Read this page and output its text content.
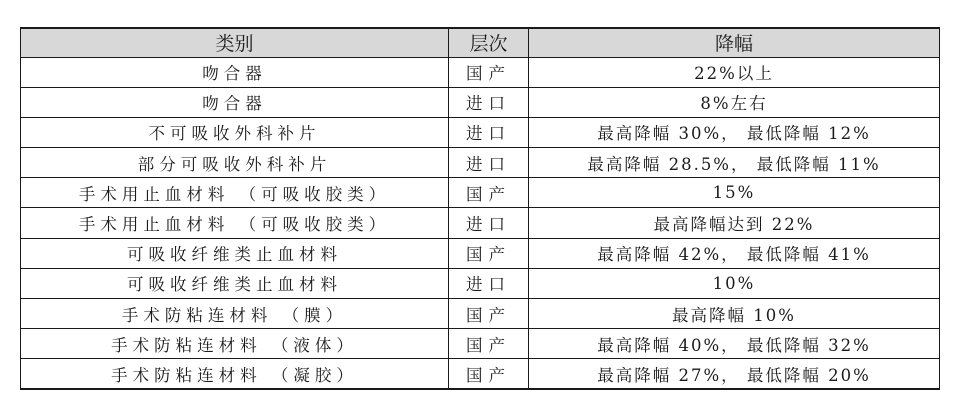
类别	层次	降幅
吻合器	国产	22%以上
吻合器	进口	8%左右
不可吸收外科补片	进口	最高降幅 30%， 最低降幅 12%
部分可吸收外科补片	进口	最高降幅 28.5%， 最低降幅 11%
手术用止血材料 （可吸收胶类）	国产	15%
手术用止血材料 （可吸收胶类）	进口	最高降幅达到 22%
可吸收纤维类止血材料	国产	最高降幅 42%， 最低降幅 41%
可吸收纤维类止血材料	进口	10%
手术防粘连材料 （膜）	国产	最高降幅 10%
手术防粘连材料 （液体）	国产	最高降幅 40%， 最低降幅 32%
手术防粘连材料 （凝胶）	国产	最高降幅 27%， 最低降幅 20%
